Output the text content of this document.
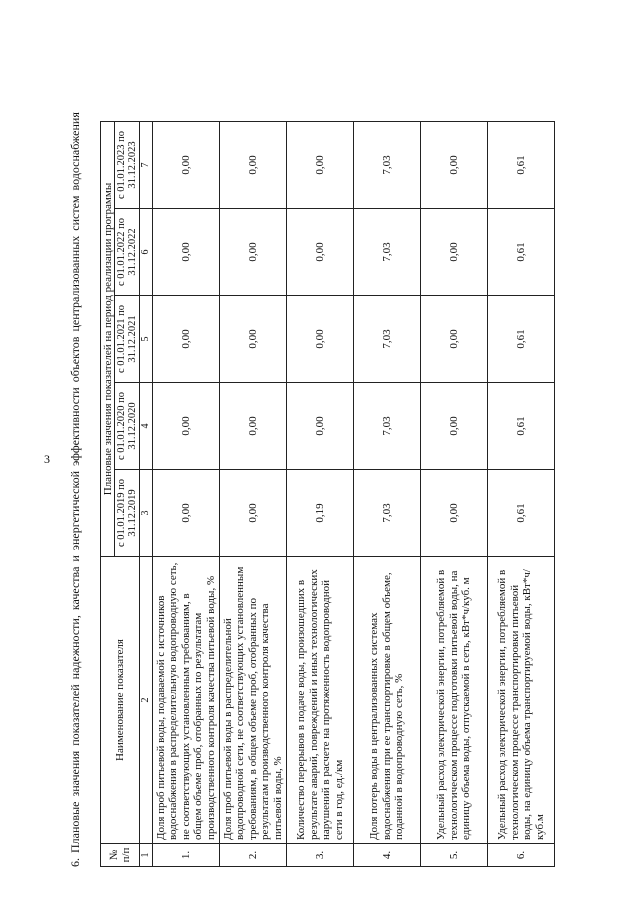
3 6. Плановые значения показателей надежности, качества и энергетической эффективности объектов централизованных систем водоснабжения № п/п	Наименование показателя	Плановые значения показателей на период реализации программы				
		с 01.01.2019 по 31.12.2019	с 01.01.2020 по 31.12.2020	с 01.01.2021 по 31.12.2021	с 01.01.2022 по 31.12.2022	с 01.01.2023 по 31.12.2023
1	2	3	4	5	6	7
1.	Доля проб питьевой воды, подаваемой с источников водоснабжения в распределительную водопроводную сеть, не соответствующих установленным требованиям, в общем объеме проб, отобранных по результатам производственного контроля качества питьевой воды, %	0,00	0,00	0,00	0,00	0,00
2.	Доля проб питьевой воды в распределительной водопроводной сети, не соответствующих установленным требованиям, в общем объеме проб, отобранных по результатам производственного контроля качества питьевой воды, %	0,00	0,00	0,00	0,00	0,00
3.	Количество перерывов в подаче воды, произошедших в результате аварий, повреждений и иных технологических нарушений в расчете на протяженность водопроводной сети в год, ед./км	0,19	0,00	0,00	0,00	0,00
4.	Доля потерь воды в централизованных системах водоснабжения при ее транспортировке в общем объеме, поданной в водопроводную сеть, %	7,03	7,03	7,03	7,03	7,03
5.	Удельный расход электрической энергии, потребляемой в технологическом процессе подготовки питьевой воды, на единицу объема воды, отпускаемой в сеть, кВт*ч/куб. м	0,00	0,00	0,00	0,00	0,00
6.	Удельный расход электрической энергии, потребляемой в технологическом процессе транспортировки питьевой воды, на единицу объема транспортируемой воды, кВт*ч/куб.м	0,61	0,61	0,61	0,61	0,61
